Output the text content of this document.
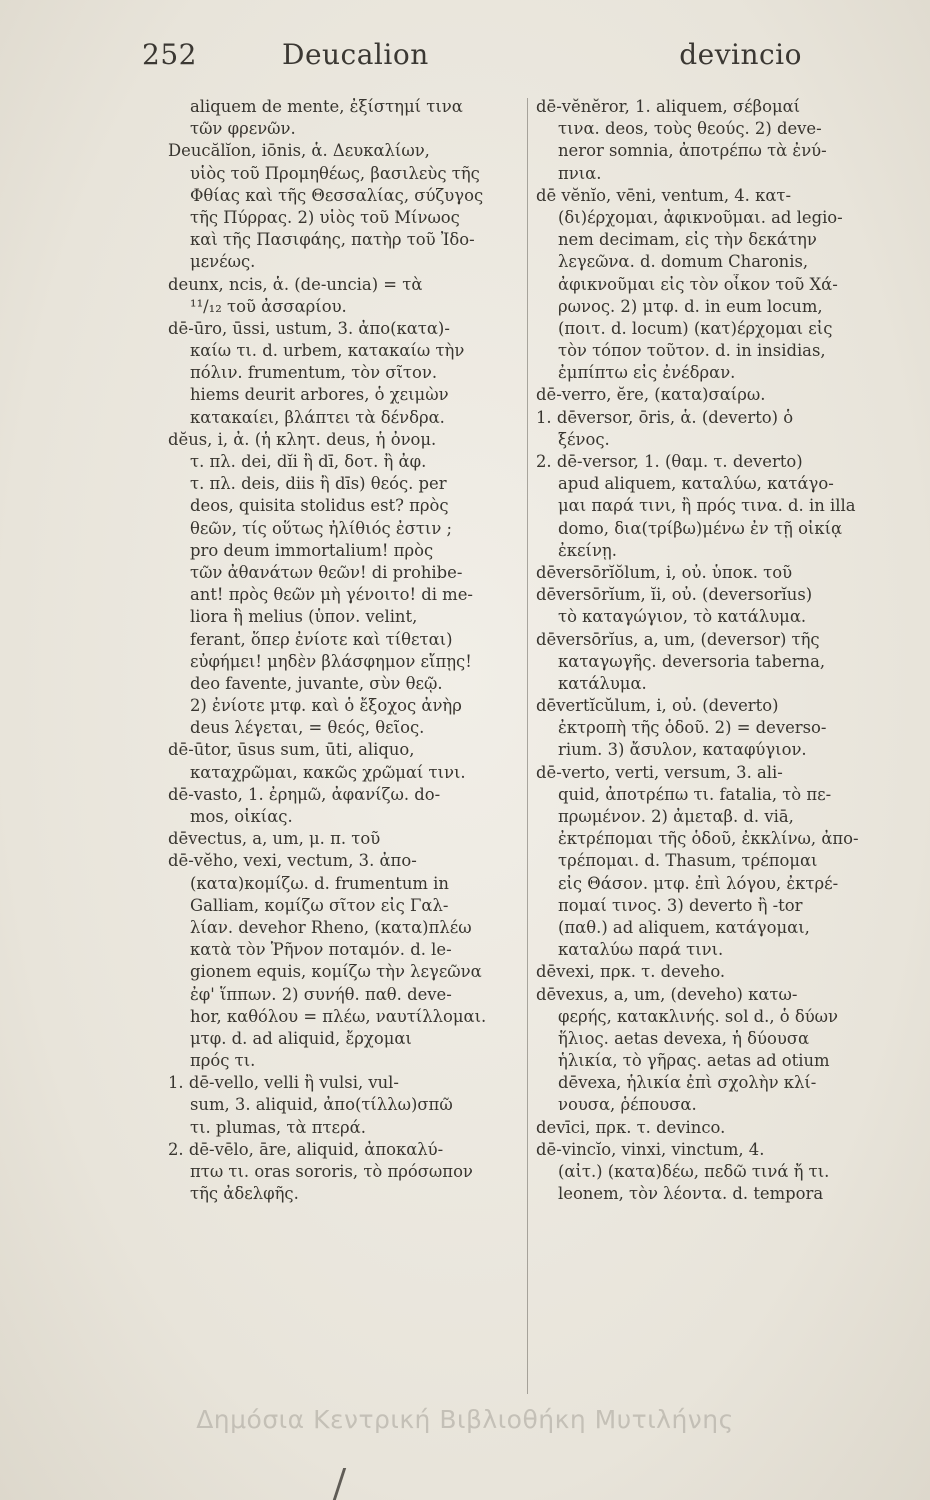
252	Deucalion	devincio
aliquem de mente, ἐξίστημί τινα
τῶν φρενῶν.
Deucălĭon, iōnis, ἁ. Δευκαλίων,
υἱὸς τοῦ Προμηθέως, βασιλεὺς τῆς
Φθίας καὶ τῆς Θεσσαλίας, σύζυγος
τῆς Πύρρας. 2) υἱὸς τοῦ Μίνωος
καὶ τῆς Πασιφάης, πατὴρ τοῦ Ἰδο-
μενέως.
deunx, ncis, ἁ. (de-uncia) = τὰ
¹¹/₁₂ τοῦ ἀσσαρίου.
dē-ūro, ūssi, ustum, 3. ἀπο(κατα)-
καίω τι. d. urbem, κατακαίω τὴν
πόλιν. frumentum, τὸν σῖτον.
hiems deurit arbores, ὁ χειμὼν
κατακαίει, βλάπτει τὰ δένδρα.
dĕus, i, ἀ. (ἡ κλητ. deus, ἡ ὀνομ.
τ. πλ. dei, dĭi ἢ dī, δοτ. ἢ ἀφ.
τ. πλ. deis, diis ἢ dīs) θεός. per
deos, quisita stolidus est? πρὸς
θεῶν, τίς οὕτως ἠλίθιός ἐστιν ;
pro deum immortalium! πρὸς
τῶν ἀθανάτων θεῶν! di prohibe-
ant! πρὸς θεῶν μὴ γένοιτο! di me-
liora ἢ melius (ὑπον. velint,
ferant, ὅπερ ἐνίοτε καὶ τίθεται)
εὐφήμει! μηδὲν βλάσφημον εἴπῃς!
deo favente, juvante, σὺν θεῷ.
2) ἐνίοτε μτφ. καὶ ὁ ἔξοχος ἀνὴρ
deus λέγεται, = θεός, θεῖος.
dē-ūtor, ūsus sum, ūti, aliquo,
καταχρῶμαι, κακῶς χρῶμαί τινι.
dē-vasto, 1. ἐρημῶ, ἀφανίζω. do-
mos, οἰκίας.
dēvectus, a, um, μ. π. τοῦ
dē-vĕho, vexi, vectum, 3. ἀπο-
(κατα)κομίζω. d. frumentum in
Galliam, κομίζω σῖτον εἰς Γαλ-
λίαν. devehor Rheno, (κατα)πλέω
κατὰ τὸν Ῥῆνον ποταμόν. d. le-
gionem equis, κομίζω τὴν λεγεῶνα
ἐφ' ἵππων. 2) συνήθ. παθ. deve-
hor, καθόλου = πλέω, ναυτίλλομαι.
μτφ. d. ad aliquid, ἔρχομαι
πρός τι.
1. dē-vello, velli ἢ vulsi, vul-
sum, 3. aliquid, ἀπο(τίλλω)σπῶ
τι. plumas, τὰ πτερά.
2. dē-vēlo, āre, aliquid, ἀποκαλύ-
πτω τι. oras sororis, τὸ πρόσωπον
τῆς ἀδελφῆς.
dē-vĕnĕror, 1. aliquem, σέβομαί
τινα. deos, τοὺς θεούς. 2) deve-
neror somnia, ἀποτρέπω τὰ ἐνύ-
πνια.
dē vĕnĭo, vēni, ventum, 4. κατ-
(δι)έρχομαι, ἀφικνοῦμαι. ad legio-
nem decimam, εἰς τὴν δεκάτην
λεγεῶνα. d. domum Charonis,
ἀφικνοῦμαι εἰς τὸν οἶκον τοῦ Χά-
ρωνος. 2) μτφ. d. in eum locum,
(ποιτ. d. locum) (κατ)έρχομαι εἰς
τὸν τόπον τοῦτον. d. in insidias,
ἐμπίπτω εἰς ἐνέδραν.
dē-verro, ĕre, (κατα)σαίρω.
1. dēversor, ōris, ἁ. (deverto) ὁ
ξένος.
2. dē-versor, 1. (θαμ. τ. deverto)
apud aliquem, καταλύω, κατάγο-
μαι παρά τινι, ἢ πρός τινα. d. in illa
domo, δια(τρίβω)μένω ἐν τῇ οἰκίᾳ
ἐκείνῃ.
dēversōrĭŏlum, i, οὐ. ὑποκ. τοῦ
dēversōrĭum, ĭi, οὐ. (deversorĭus)
τὸ καταγώγιον, τὸ κατάλυμα.
dēversōrĭus, a, um, (deversor) τῆς
καταγωγῆς. deversoria taberna,
κατάλυμα.
dēvertĭcŭlum, i, οὐ. (deverto)
ἐκτροπὴ τῆς ὁδοῦ. 2) = deverso-
rium. 3) ἄσυλον, καταφύγιον.
dē-verto, verti, versum, 3. ali-
quid, ἀποτρέπω τι. fatalia, τὸ πε-
πρωμένον. 2) ἀμεταβ. d. viā,
ἐκτρέπομαι τῆς ὁδοῦ, ἐκκλίνω, ἀπο-
τρέπομαι. d. Thasum, τρέπομαι
εἰς Θάσον. μτφ. ἐπὶ λόγου, ἐκτρέ-
πομαί τινος. 3) deverto ἢ -tor
(παθ.) ad aliquem, κατάγομαι,
καταλύω παρά τινι.
dēvexi, πρκ. τ. deveho.
dēvexus, a, um, (deveho) κατω-
φερής, κατακλινής. sol d., ὁ δύων
ἥλιος. aetas devexa, ἡ δύουσα
ἡλικία, τὸ γῆρας. aetas ad otium
dēvexa, ἡλικία ἐπὶ σχολὴν κλί-
νουσα, ῥέπουσα.
devīci, πρκ. τ. devinco.
dē-vincĭo, vinxi, vinctum, 4.
(αἰτ.) (κατα)δέω, πεδῶ τινά ἤ τι.
leonem, τὸν λέοντα. d. tempora
Δημόσια Κεντρική Βιβλιοθήκη Μυτιλήνης
